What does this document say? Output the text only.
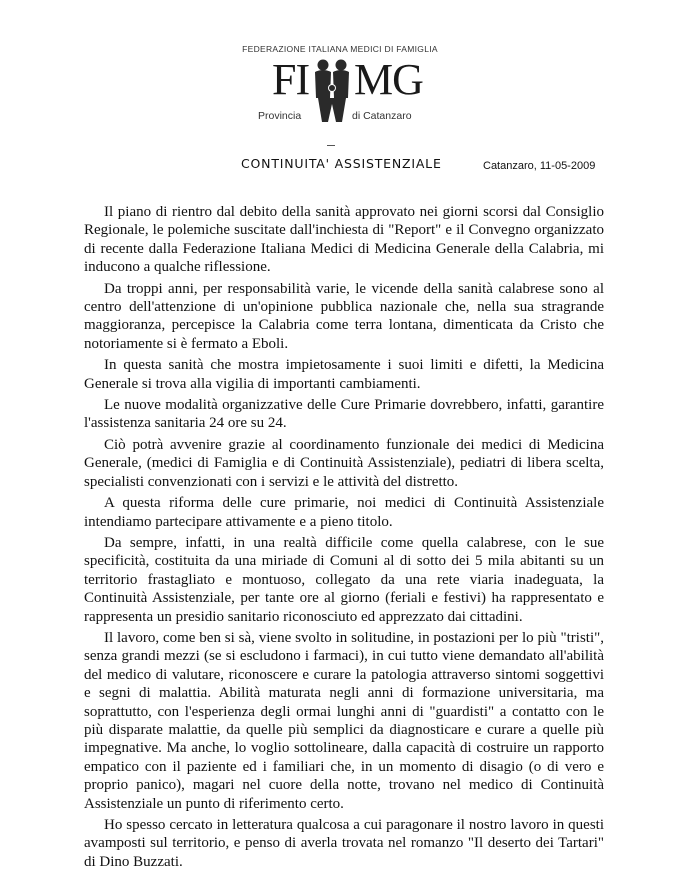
FEDERAZIONE ITALIANA MEDICI DI FAMIGLIA
FI MG
Provincia	di Catanzaro
CONTINUITA' ASSISTENZIALE	Catanzaro, 11-05-2009

Il piano di rientro dal debito della sanità approvato nei giorni scorsi dal Consiglio Regionale, le polemiche suscitate dall'inchiesta di "Report" e il Convegno organizzato di recente dalla Federazione Italiana Medici di Medicina Generale della Calabria, mi inducono a qualche riflessione.

Da troppi anni, per responsabilità varie, le vicende della sanità calabrese sono al centro dell'attenzione di un'opinione pubblica nazionale che, nella sua stragrande maggioranza, percepisce la Calabria come terra lontana, dimenticata da Cristo che notoriamente si è fermato a Eboli.

In questa sanità che mostra impietosamente i suoi limiti e difetti, la Medicina Generale si trova alla vigilia di importanti cambiamenti.

Le nuove modalità organizzative delle Cure Primarie dovrebbero, infatti, garantire l'assistenza sanitaria 24 ore su 24.

Ciò potrà avvenire grazie al coordinamento funzionale dei medici di Medicina Generale, (medici di Famiglia e di Continuità Assistenziale), pediatri di libera scelta, specialisti convenzionati con i servizi e le attività del distretto.

A questa riforma delle cure primarie, noi medici di Continuità Assistenziale intendiamo partecipare attivamente e a pieno titolo.

Da sempre, infatti, in una realtà difficile come quella calabrese, con le sue specificità, costituita da una miriade di Comuni al di sotto dei 5 mila abitanti su un territorio frastagliato e montuoso, collegato da una rete viaria inadeguata, la Continuità Assistenziale, per tante ore al giorno (feriali e festivi) ha rappresentato e rappresenta un presidio sanitario riconosciuto ed apprezzato dai cittadini.

Il lavoro, come ben si sà, viene svolto in solitudine, in postazioni per lo più "tristi", senza grandi mezzi (se si escludono i farmaci), in cui tutto viene demandato all'abilità del medico di valutare, riconoscere e curare la patologia attraverso sintomi soggettivi e segni di malattia. Abilità maturata negli anni di formazione universitaria, ma soprattutto, con l'esperienza degli ormai lunghi anni di "guardisti" a contatto con le più disparate malattie, da quelle più semplici da diagnosticare e curare a quelle più impegnative. Ma anche, lo voglio sottolineare, dalla capacità di costruire un rapporto empatico con il paziente ed i familiari che, in un momento di disagio (o di vero e proprio panico), magari nel cuore della notte, trovano nel medico di Continuità Assistenziale un punto di riferimento certo.

Ho spesso cercato in letteratura qualcosa a cui paragonare il nostro lavoro in questi avamposti sul territorio, e penso di averla trovata nel romanzo "Il deserto dei Tartari" di Dino Buzzati.
